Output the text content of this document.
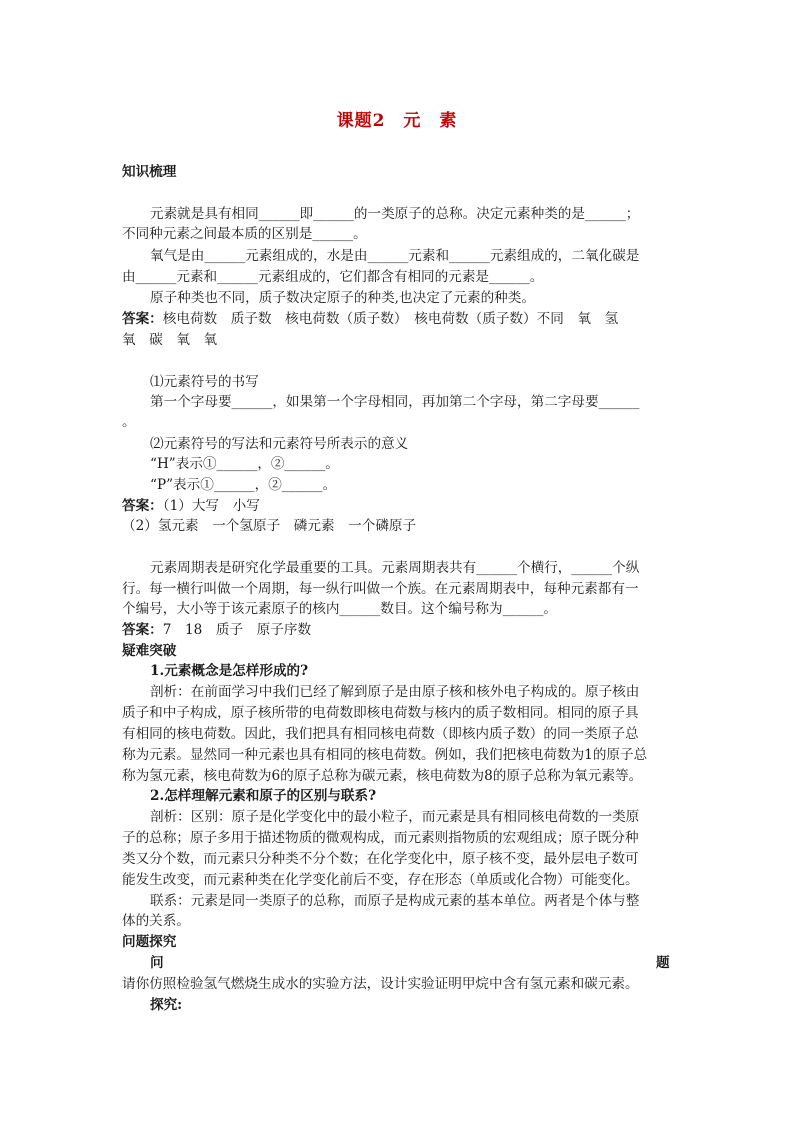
课题2　元　素
知识梳理
元素就是具有相同______即______的一类原子的总称。决定元素种类的是______；
不同种元素之间最本质的区别是______。
氧气是由______元素组成的，水是由______元素和______元素组成的，二氧化碳是
由______元素和______元素组成的，它们都含有相同的元素是______。
原子种类也不同，质子数决定原子的种类,也决定了元素的种类。
答案：核电荷数　质子数　核电荷数（质子数）　核电荷数（质子数）不同　氧　氢
氧　碳　氧　氧
⑴元素符号的书写
第一个字母要______，如果第一个字母相同，再加第二个字母，第二字母要______
。
⑵元素符号的写法和元素符号所表示的意义
“H”表示①______，②______。
“P”表示①______，②______。
答案：（1）大写　小写
（2）氢元素　一个氢原子　磷元素　一个磷原子
元素周期表是研究化学最重要的工具。元素周期表共有______个横行，______个纵
行。每一横行叫做一个周期，每一纵行叫做一个族。在元素周期表中，每种元素都有一
个编号，大小等于该元素原子的核内______数目。这个编号称为______。
答案：7　18　质子　原子序数
疑难突破
1.元素概念是怎样形成的?
剖析：在前面学习中我们已经了解到原子是由原子核和核外电子构成的。原子核由
质子和中子构成，原子核所带的电荷数即核电荷数与核内的质子数相同。相同的原子具
有相同的核电荷数。因此，我们把具有相同核电荷数（即核内质子数）的同一类原子总
称为元素。显然同一种元素也具有相同的核电荷数。例如，我们把核电荷数为1的原子总
称为氢元素，核电荷数为6的原子总称为碳元素，核电荷数为8的原子总称为氧元素等。
2.怎样理解元素和原子的区别与联系?
剖析：区别：原子是化学变化中的最小粒子，而元素是具有相同核电荷数的一类原
子的总称；原子多用于描述物质的微观构成，而元素则指物质的宏观组成；原子既分种
类又分个数，而元素只分种类不分个数；在化学变化中，原子核不变，最外层电子数可
能发生改变，而元素种类在化学变化前后不变，存在形态（单质或化合物）可能变化。
联系：元素是同一类原子的总称，而原子是构成元素的基本单位。两者是个体与整
体的关系。
问题探究
问	题
请你仿照检验氢气燃烧生成水的实验方法，设计实验证明甲烷中含有氢元素和碳元素。
探究:
